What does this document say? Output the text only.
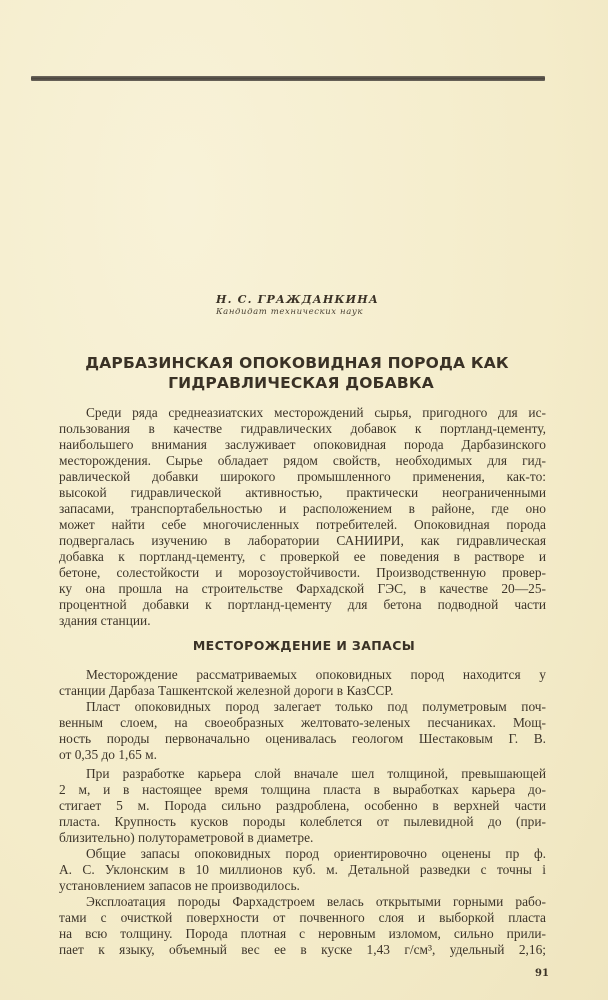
Н. С. ГРАЖДАНКИНА
Кандидат технических наук
ДАРБАЗИНСКАЯ ОПОКОВИДНАЯ ПОРОДА КАК
ГИДРАВЛИЧЕСКАЯ ДОБАВКА
Среди ряда среднеазиатских месторождений сырья, пригодного для ис-
пользования в качестве гидравлических добавок к портланд-цементу,
наибольшего внимания заслуживает опоковидная порода Дарбазинского
месторождения. Сырье обладает рядом свойств, необходимых для гид-
равлической добавки широкого промышленного применения, как-то:
высокой гидравлической активностью, практически неограниченными
запасами, транспортабельностью и расположением в районе, где оно
может найти себе многочисленных потребителей. Опоковидная порода
подвергалась изучению в лаборатории САНИИРИ, как гидравлическая
добавка к портланд-цементу, с проверкой ее поведения в растворе и
бетоне, солестойкости и морозоустойчивости. Производственную провер-
ку она прошла на строительстве Фархадской ГЭС, в качестве 20—25-
процентной добавки к портланд-цементу для бетона подводной части
здания станции.
МЕСТОРОЖДЕНИЕ И ЗАПАСЫ
Месторождение рассматриваемых опоковидных пород находится у
станции Дарбаза Ташкентской железной дороги в КазССР.
Пласт опоковидных пород залегает только под полуметровым поч-
венным слоем, на своеобразных желтовато-зеленых песчаниках. Мощ-
ность породы первоначально оценивалась геологом Шестаковым Г. В.
от 0,35 до 1,65 м.
При разработке карьера слой вначале шел толщиной, превышающей
2 м, и в настоящее время толщина пласта в выработках карьера до-
стигает 5 м. Порода сильно раздроблена, особенно в верхней части
пласта. Крупность кусков породы колеблется от пылевидной до (при-
близительно) полутораметровой в диаметре.
Общие запасы опоковидных пород ориентировочно оценены пр ф.
А. С. Уклонским в 10 миллионов куб. м. Детальной разведки с точны і
установлением запасов не производилось.
Эксплоатация породы Фархадстроем велась открытыми горными рабо-
тами с очисткой поверхности от почвенного слоя и выборкой пласта
на всю толщину. Порода плотная с неровным изломом, сильно прили-
пает к языку, объемный вес ее в куске 1,43 г/см³, удельный 2,16;
91
